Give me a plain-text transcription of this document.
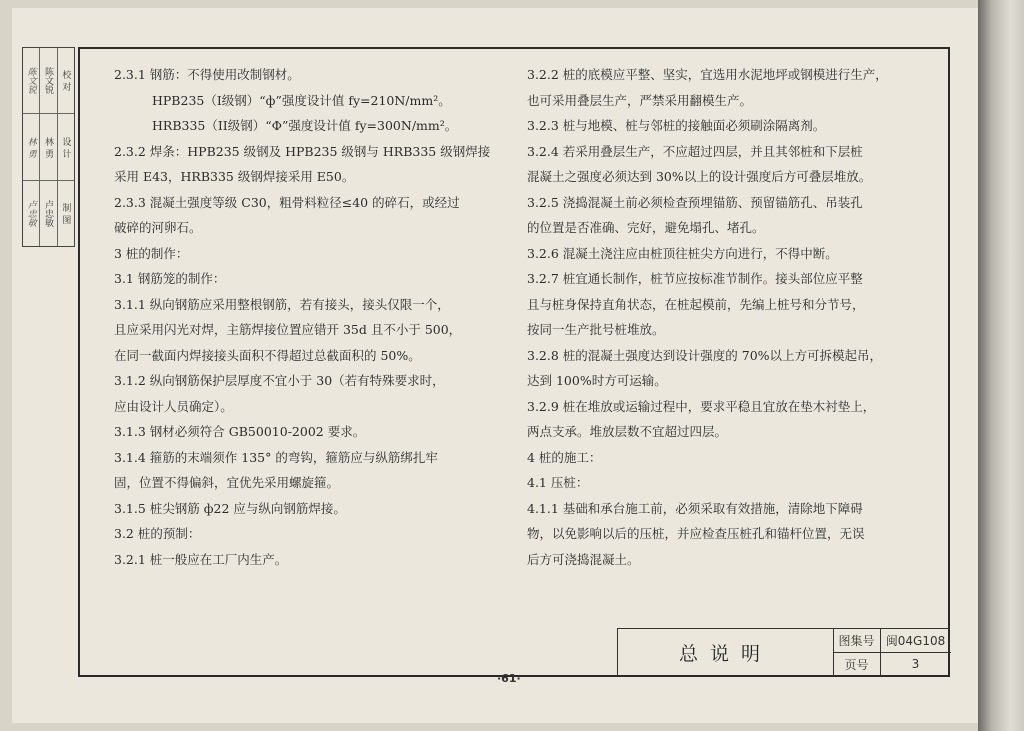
校 对
设 计
制 图
陈文锐
林 勇
卢忠敏
陈文锐
林 勇
卢忠敏

2.3.1 钢筋：不得使用改制钢材。

HPB235（I级钢）“ф”强度设计值 fy=210N/mm²。

HRB335（II级钢）“Ф”强度设计值 fy=300N/mm²。

2.3.2 焊条：HPB235 级钢及 HPB235 级钢与 HRB335 级钢焊接

采用 E43，HRB335 级钢焊接采用 E50。

2.3.3 混凝土强度等级 C30，粗骨料粒径≤40 的碎石，或经过

破碎的河卵石。

3 桩的制作：

3.1 钢筋笼的制作：

3.1.1 纵向钢筋应采用整根钢筋，若有接头，接头仅限一个，

且应采用闪光对焊，主筋焊接位置应错开 35d 且不小于 500，

在同一截面内焊接接头面积不得超过总截面积的 50%。

3.1.2 纵向钢筋保护层厚度不宜小于 30（若有特殊要求时，

应由设计人员确定）。

3.1.3 钢材必须符合 GB50010-2002 要求。

3.1.4 箍筋的末端须作 135° 的弯钩，箍筋应与纵筋绑扎牢

固，位置不得偏斜，宜优先采用螺旋箍。

3.1.5 桩尖钢筋 ф22 应与纵向钢筋焊接。

3.2 桩的预制：

3.2.1 桩一般应在工厂内生产。

3.2.2 桩的底模应平整、坚实，宜选用水泥地坪或钢模进行生产，

也可采用叠层生产，严禁采用翻模生产。

3.2.3 桩与地模、桩与邻桩的接触面必须刷涂隔离剂。

3.2.4 若采用叠层生产，不应超过四层，并且其邻桩和下层桩

混凝土之强度必须达到 30%以上的设计强度后方可叠层堆放。

3.2.5 浇捣混凝土前必须检查预埋锚筋、预留锚筋孔、吊装孔

的位置是否准确、完好，避免塌孔、堵孔。

3.2.6 混凝土浇注应由桩顶往桩尖方向进行，不得中断。

3.2.7 桩宜通长制作，桩节应按标准节制作。接头部位应平整

且与桩身保持直角状态，在桩起模前，先编上桩号和分节号，

按同一生产批号桩堆放。

3.2.8 桩的混凝土强度达到设计强度的 70%以上方可拆模起吊，

达到 100%时方可运输。

3.2.9 桩在堆放或运输过程中，要求平稳且宜放在垫木衬垫上，

两点支承。堆放层数不宜超过四层。

4 桩的施工：

4.1 压桩：

4.1.1 基础和承台施工前，必须采取有效措施，清除地下障碍

物，以免影响以后的压桩，并应检查压桩孔和锚杆位置，无误

后方可浇捣混凝土。

总说明
图集号 闽04G108
页号	3
·61·
